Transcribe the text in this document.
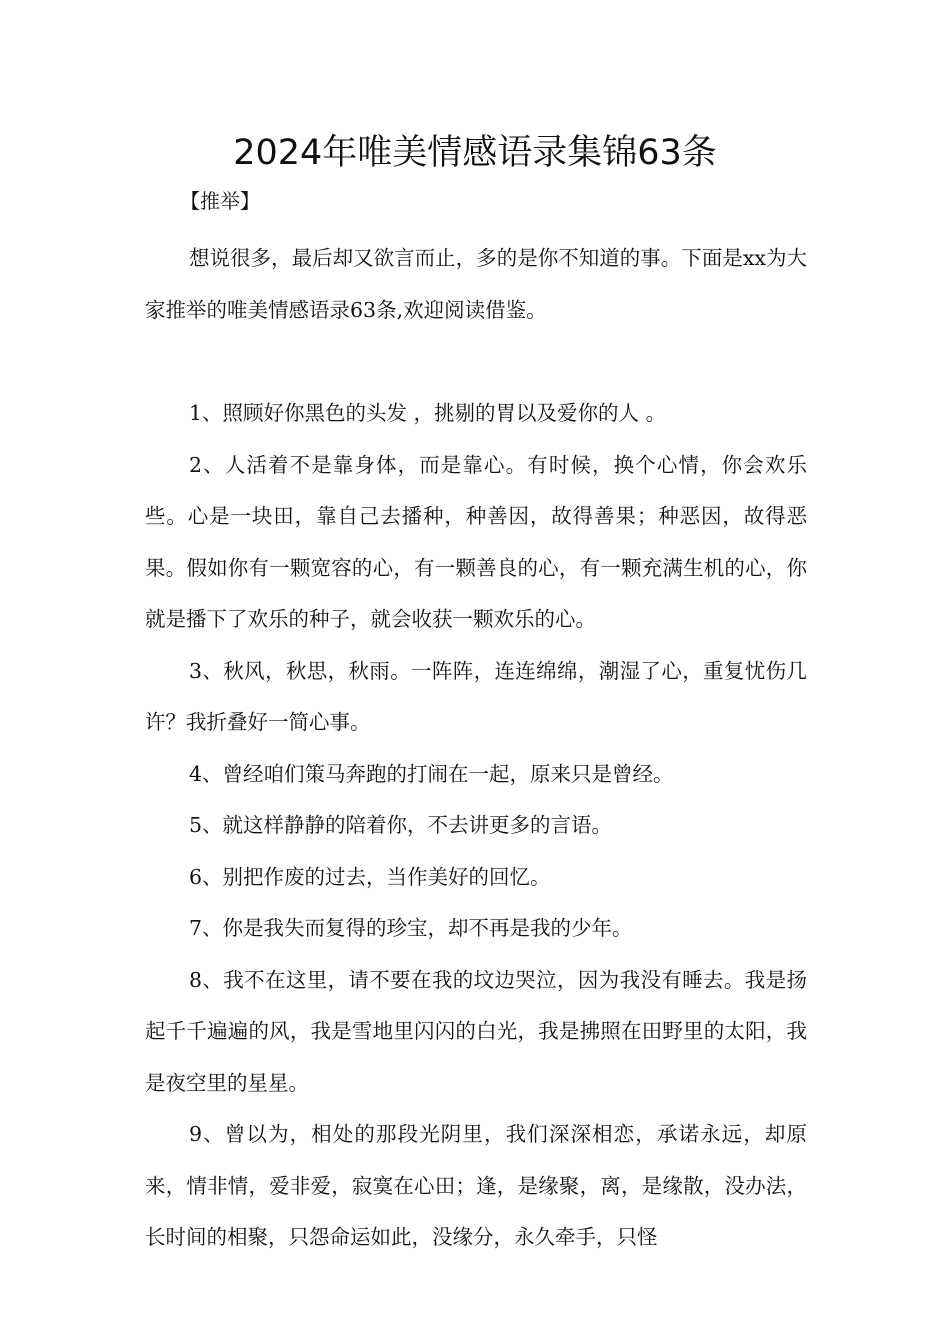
2024年唯美情感语录集锦63条

【推举】

想说很多，最后却又欲言而止，多的是你不知道的事。下面是xx为大家推举的唯美情感语录63条,欢迎阅读借鉴。

1、照顾好你黑色的头发 ，挑剔的胃以及爱你的人 。

2、人活着不是靠身体，而是靠心。有时候，换个心情，你会欢乐些。心是一块田，靠自己去播种，种善因，故得善果；种恶因，故得恶果。假如你有一颗宽容的心，有一颗善良的心，有一颗充满生机的心，你就是播下了欢乐的种子，就会收获一颗欢乐的心。

3、秋风，秋思，秋雨。一阵阵，连连绵绵，潮湿了心，重复忧伤几许？我折叠好一简心事。

4、曾经咱们策马奔跑的打闹在一起，原来只是曾经。

5、就这样静静的陪着你，不去讲更多的言语。

6、别把作废的过去，当作美好的回忆。

7、你是我失而复得的珍宝，却不再是我的少年。

8、我不在这里，请不要在我的坟边哭泣，因为我没有睡去。我是扬起千千遍遍的风，我是雪地里闪闪的白光，我是拂照在田野里的太阳，我是夜空里的星星。

9、曾以为，相处的那段光阴里，我们深深相恋，承诺永远，却原来，情非情，爱非爱，寂寞在心田；逢，是缘聚，离，是缘散，没办法，长时间的相聚，只怨命运如此，没缘分，永久牵手，只怪
